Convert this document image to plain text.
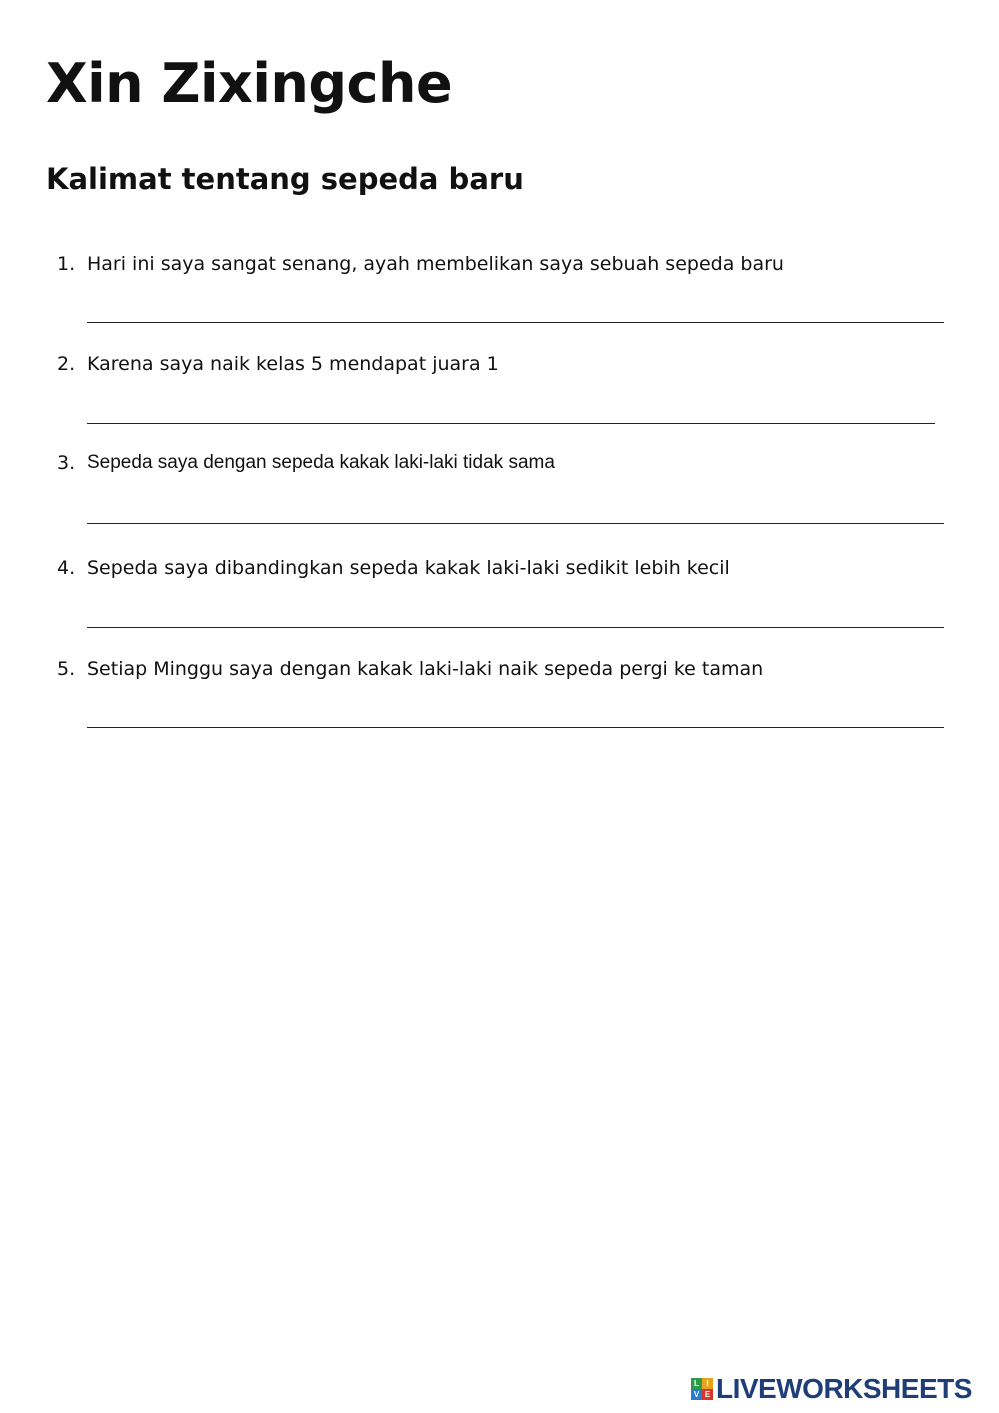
Xin Zixingche
Kalimat tentang sepeda baru
1. Hari ini saya sangat senang, ayah membelikan saya sebuah sepeda baru
2. Karena saya naik kelas 5 mendapat juara 1
3. Sepeda saya dengan sepeda kakak laki-laki tidak sama
4. Sepeda saya dibandingkan sepeda kakak laki-laki sedikit lebih kecil
5. Setiap Minggu saya dengan kakak laki-laki naik sepeda pergi ke taman
L I
V E LIVEWORKSHEETS
